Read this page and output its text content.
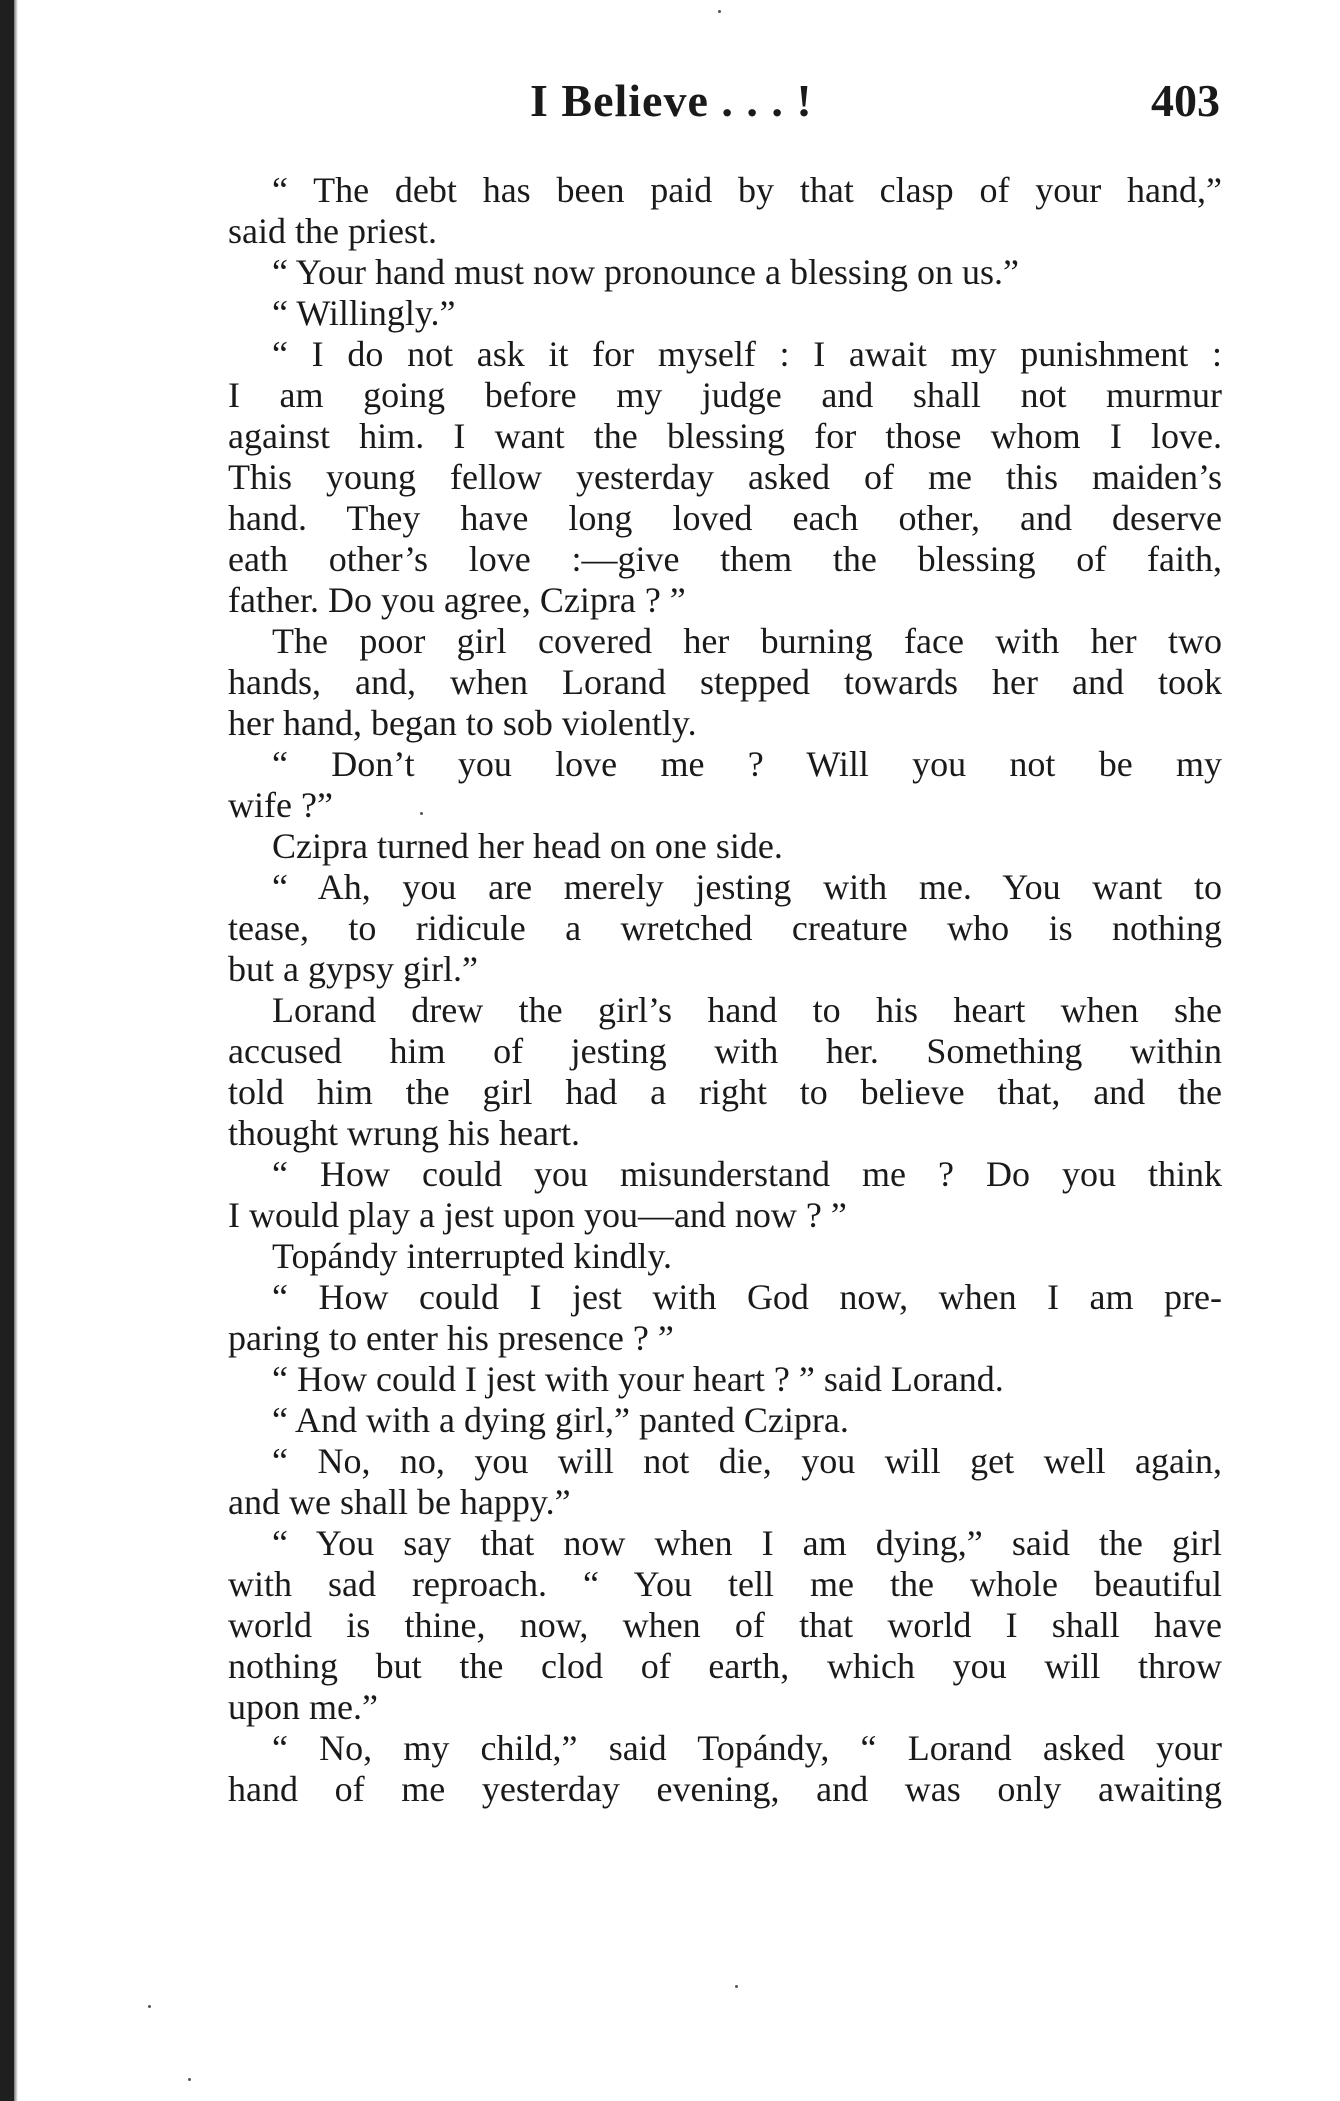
I Believe . . . !	403
“ The debt has been paid by that clasp of your hand,”
said the priest.
“ Your hand must now pronounce a blessing on us.”
“ Willingly.”
“ I do not ask it for myself : I await my punishment :
I am going before my judge and shall not murmur
against him. I want the blessing for those whom I love.
This young fellow yesterday asked of me this maiden’s
hand. They have long loved each other, and deserve
eath other’s love :—give them the blessing of faith,
father. Do you agree, Czipra ? ”
The poor girl covered her burning face with her two
hands, and, when Lorand stepped towards her and took
her hand, began to sob violently.
“ Don’t you love me ? Will you not be my
wife ?”
Czipra turned her head on one side.
“ Ah, you are merely jesting with me. You want to
tease, to ridicule a wretched creature who is nothing
but a gypsy girl.”
Lorand drew the girl’s hand to his heart when she
accused him of jesting with her. Something within
told him the girl had a right to believe that, and the
thought wrung his heart.
“ How could you misunderstand me ? Do you think
I would play a jest upon you—and now ? ”
Topándy interrupted kindly.
“ How could I jest with God now, when I am pre-
paring to enter his presence ? ”
“ How could I jest with your heart ? ” said Lorand.
“ And with a dying girl,” panted Czipra.
“ No, no, you will not die, you will get well again,
and we shall be happy.”
“ You say that now when I am dying,” said the girl
with sad reproach. “ You tell me the whole beautiful
world is thine, now, when of that world I shall have
nothing but the clod of earth, which you will throw
upon me.”
“ No, my child,” said Topándy, “ Lorand asked your
hand of me yesterday evening, and was only awaiting
